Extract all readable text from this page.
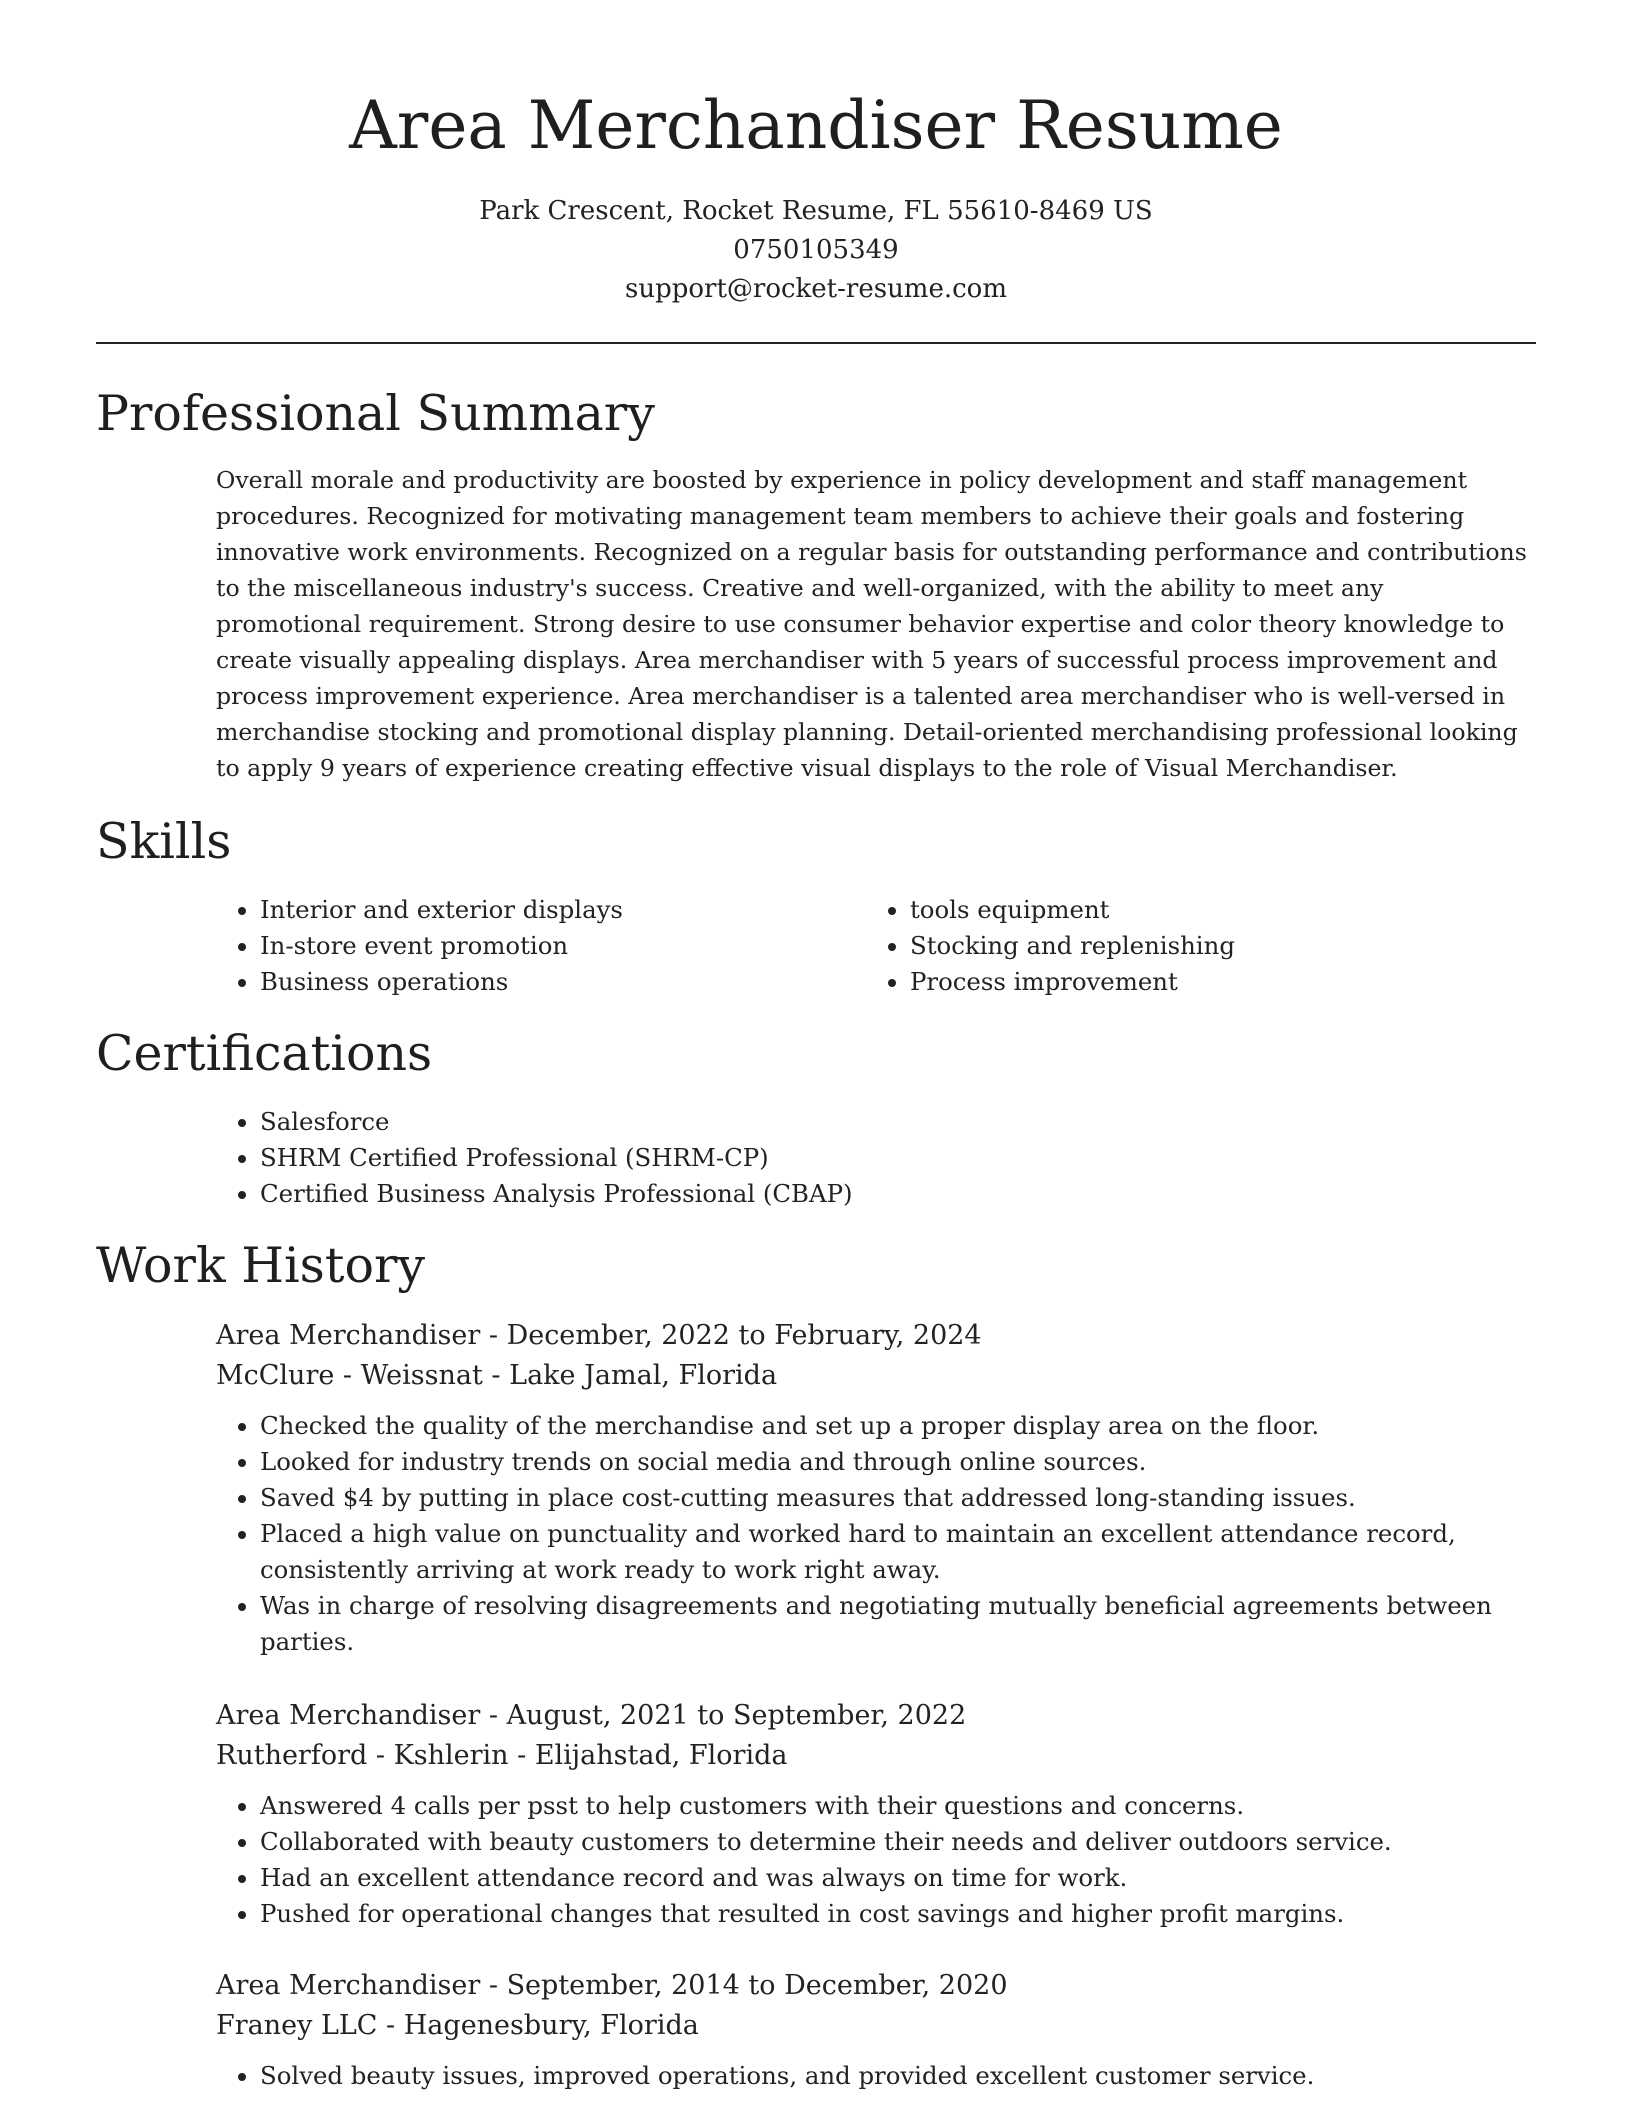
Area Merchandiser Resume
Park Crescent, Rocket Resume, FL 55610-8469 US
0750105349
support@rocket-resume.com
Professional Summary

Overall morale and productivity are boosted by experience in policy development and staff management procedures. Recognized for motivating management team members to achieve their goals and fostering innovative work environments. Recognized on a regular basis for outstanding performance and contributions to the miscellaneous industry's success. Creative and well-organized, with the ability to meet any promotional requirement. Strong desire to use consumer behavior expertise and color theory knowledge to create visually appealing displays. Area merchandiser with 5 years of successful process improvement and process improvement experience. Area merchandiser is a talented area merchandiser who is well-versed in merchandise stocking and promotional display planning. Detail-oriented merchandising professional looking to apply 9 years of experience creating effective visual displays to the role of Visual Merchandiser.

Skills
• Interior and exterior displays
• In-store event promotion
• Business operations
• tools equipment
• Stocking and replenishing
• Process improvement
Certifications
• Salesforce
• SHRM Certified Professional (SHRM-CP)
• Certified Business Analysis Professional (CBAP)
Work History
Area Merchandiser - December, 2022 to February, 2024
McClure - Weissnat - Lake Jamal, Florida
• Checked the quality of the merchandise and set up a proper display area on the floor.
• Looked for industry trends on social media and through online sources.
• Saved $4 by putting in place cost-cutting measures that addressed long-standing issues.
• Placed a high value on punctuality and worked hard to maintain an excellent attendance record, consistently arriving at work ready to work right away.
• Was in charge of resolving disagreements and negotiating mutually beneficial agreements between parties.
Area Merchandiser - August, 2021 to September, 2022
Rutherford - Kshlerin - Elijahstad, Florida
• Answered 4 calls per psst to help customers with their questions and concerns.
• Collaborated with beauty customers to determine their needs and deliver outdoors service.
• Had an excellent attendance record and was always on time for work.
• Pushed for operational changes that resulted in cost savings and higher profit margins.
Area Merchandiser - September, 2014 to December, 2020
Franey LLC - Hagenesbury, Florida
• Solved beauty issues, improved operations, and provided excellent customer service.
